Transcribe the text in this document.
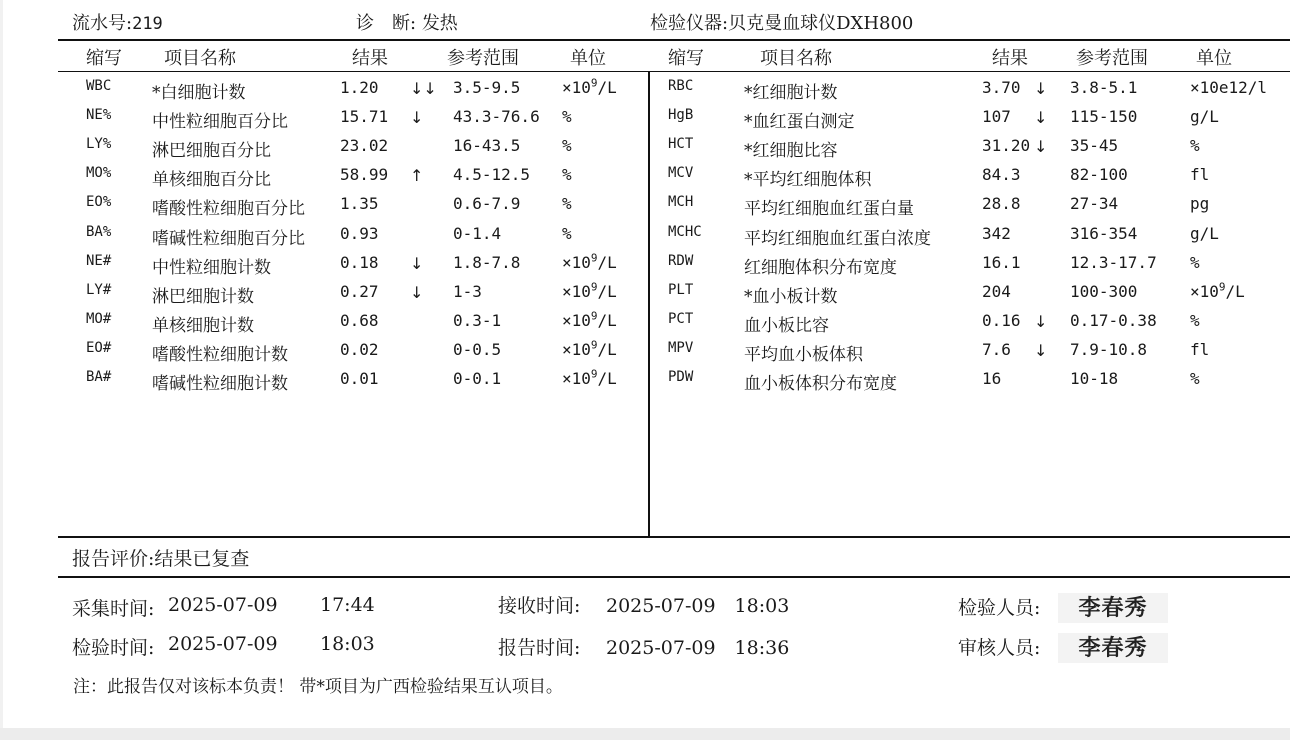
流水号:219	诊　断: 发热	检验仪器:贝克曼血球仪DXH800
缩写 项目名称	结果	参考范围	单位	缩写	项目名称	结果	参考范围	单位
WBC *白细胞计数	1.20 ↓↓ 3.5-9.5	$\times 10^9/L$
NE% 中性粒细胞百分比	15.71 ↓ 43.3-76.6 %
LY% 淋巴细胞百分比	23.02	16-43.5	%
MO% 单核细胞百分比	58.99 ↑ 4.5-12.5 %
EO% 嗜酸性粒细胞百分比 1.35	0.6-7.9	%
BA% 嗜碱性粒细胞百分比 0.93	0-1.4	%
NE# 中性粒细胞计数	0.18 ↓ 1.8-7.8	$\times 10^9/L$
LY# 淋巴细胞计数	0.27 ↓ 1-3	$\times 10^9/L$
MO# 单核细胞计数	0.68	0.3-1	$\times 10^9/L$
EO# 嗜酸性粒细胞计数	0.02	0-0.5	$\times 10^9/L$
BA# 嗜碱性粒细胞计数	0.01	0-0.1	$\times 10^9/L$
RBC	*红细胞计数	3.70 ↓ 3.8-5.1	×10e12/l
HgB	*血红蛋白测定	107 ↓ 115-150	g/L
HCT	*红细胞比容	31.20 ↓ 35-45	%
MCV	*平均红细胞体积	84.3	82-100	fl
MCH	平均红细胞血红蛋白量	28.8	27-34	pg
MCHC 平均红细胞血红蛋白浓度	342	316-354	g/L
RDW	红细胞体积分布宽度	16.1	12.3-17.7 %
PLT	*血小板计数	204	100-300	$\times 10^9/L$
PCT	血小板比容	0.16 ↓ 0.17-0.38 %
MPV	平均血小板体积	7.6 ↓ 7.9-10.8	fl
PDW	血小板体积分布宽度	16	10-18	%
报告评价:结果已复查
采集时间: 2025-07-09 17:44	接收时间: 2025-07-09　18:03
检验时间: 2025-07-09 18:03	报告时间: 2025-07-09　18:36
检验人员:	李春秀
审核人员:	李春秀
注：此报告仅对该标本负责！ 带*项目为广西检验结果互认项目。
